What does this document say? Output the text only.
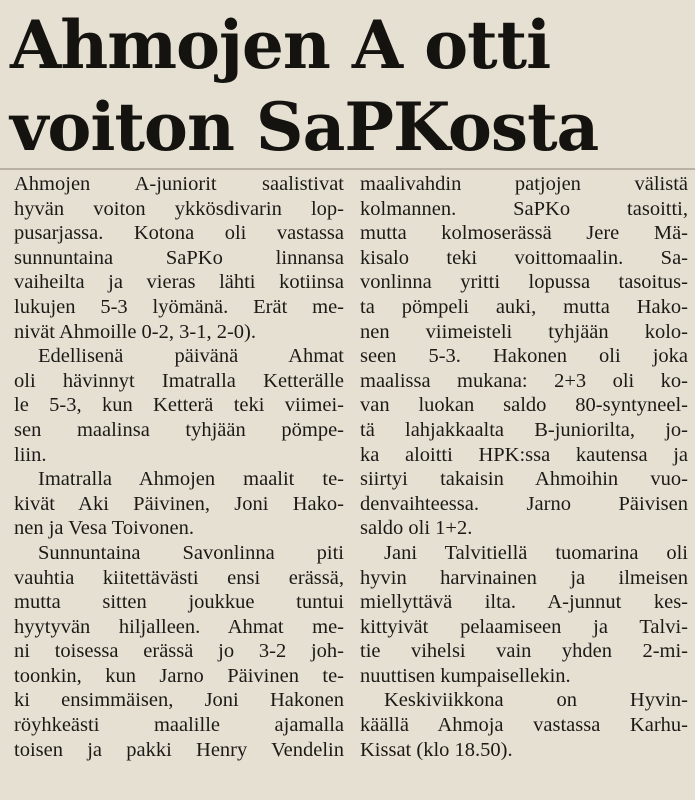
Ahmojen A otti
voiton SaPKosta
Ahmojen A-juniorit saalistivat
hyvän voiton ykkösdivarin lop-
pusarjassa. Kotona oli vastassa
sunnuntaina SaPKo linnansa
vaiheilta ja vieras lähti kotiinsa
lukujen 5-3 lyömänä. Erät me-
nivät Ahmoille 0-2, 3-1, 2-0).
Edellisenä päivänä Ahmat
oli hävinnyt Imatralla Ketterälle
le 5-3, kun Ketterä teki viimei-
sen maalinsa tyhjään pömpe-
liin.
Imatralla Ahmojen maalit te-
kivät Aki Päivinen, Joni Hako-
nen ja Vesa Toivonen.
Sunnuntaina Savonlinna piti
vauhtia kiitettävästi ensi erässä,
mutta sitten joukkue tuntui
hyytyvän hiljalleen. Ahmat me-
ni toisessa erässä jo 3-2 joh-
toonkin, kun Jarno Päivinen te-
ki ensimmäisen, Joni Hakonen
röyhkeästi maalille ajamalla
toisen ja pakki Henry Vendelin
maalivahdin patjojen välistä
kolmannen. SaPKo tasoitti,
mutta kolmoserässä Jere Mä-
kisalo teki voittomaalin. Sa-
vonlinna yritti lopussa tasoitus-
ta pömpeli auki, mutta Hako-
nen viimeisteli tyhjään kolo-
seen 5-3. Hakonen oli joka
maalissa mukana: 2+3 oli ko-
van luokan saldo 80-syntyneel-
tä lahjakkaalta B-juniorilta, jo-
ka aloitti HPK:ssa kautensa ja
siirtyi takaisin Ahmoihin vuo-
denvaihteessa. Jarno Päivisen
saldo oli 1+2.
Jani Talvitiellä tuomarina oli
hyvin harvinainen ja ilmeisen
miellyttävä ilta. A-junnut kes-
kittyivät pelaamiseen ja Talvi-
tie vihelsi vain yhden 2-mi-
nuuttisen kumpaisellekin.
Keskiviikkona on Hyvin-
käällä Ahmoja vastassa Karhu-
Kissat (klo 18.50).
